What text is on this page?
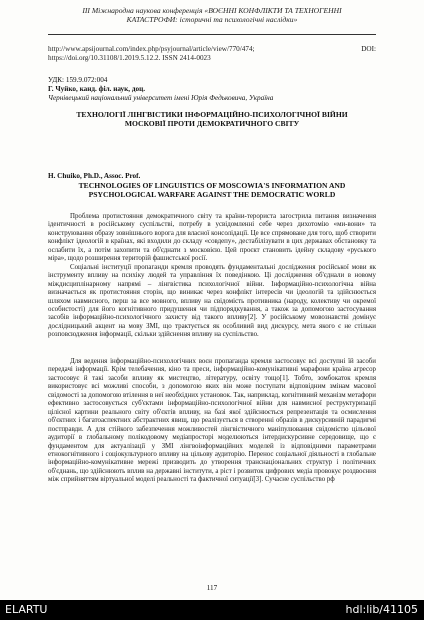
III Міжнародна наукова конференція «ВОЄННІ КОНФЛІКТИ ТА ТЕХНОГЕННІ
КАТАСТРОФИ: історичні та психологічні наслідки»
http://www.apsijournal.com/index.php/psyjournal/article/view/770/474;	DOI:
https://doi.org/10.31108/1.2019.5.12.2. ISSN 2414-0023
УДК: 159.9.072:004
Г. Чуйко, канд. філ. наук, доц.
Чернівецький національний університет імені Юрія Федьковича, Україна
ТЕХНОЛОГІЇ ЛІНГВІСТИКИ ІНФОРМАЦІЙНО-ПСИХОЛОГІЧНОЇ ВІЙНИ
МОСКОВІЇ ПРОТИ ДЕМОКРАТИЧНОГО СВІТУ
H. Chuiko, Ph.D., Assoc. Prof.
TECHNOLOGIES OF LINGUISTICS OF MOSCOWIA'S INFORMATION AND
PSYCHOLOGICAL WARFARE AGAINST THE DEMOCRATIC WORLD

Проблема протистояння демократичного світу та країни-терориста загострила питання визначення ідентичності в російському суспільстві, потребу в усвідомленні себе через дихотомію «ми-вони» та конструювання образу зовнішнього ворога для власної консолідації. Це все спрямоване для того, щоб створити конфлікт ідеологій в країнах, які входили до складу «совдепу», дестабілізувати в цих державах обстановку та ослабити їх, а потім захопити та об'єднати з московією. Цей проєкт становить ідейну складову «руського міра», щодо розширення територій фашистської росії.

Соціальні інституції пропаганди кремля проводять фундаментальні дослідження російської мови як інструменту впливу на психіку людей та управління їх поведінкою. Ці дослідження об'єднали в новому міждисциплінарному напрямі – лінгвістика психологічної війни. Інформаційно-психологічна війна визначається як протистояння сторін, що виникає через конфлікт інтересів чи ідеологій та здійснюється шляхом навмисного, перш за все мовного, впливу на свідомість противника (народу, колективу чи окремої особистості) для його когнітивного придушення чи підпорядкування, а також за допомогою застосування засобів інформаційно-психологічного захисту від такого впливу[2]. У російському мовознавстві домінує дослідницький акцент на мову ЗМІ, що трактується як особливий вид дискурсу, мета якого є не стільки розповсюдження інформації, скільки здійснення впливу на суспільство.

Для ведення інформаційно-психологічних воєн пропаганда кремля застосовує всі доступні їй засоби передачі інформації. Крім телебачення, кіно та преси, інформаційно-комунікативні марафони країна агресор застосовує й такі засоби впливу як мистецтво, літературу, освіту тощо[1]. Тобто, зомбокаток кремля використовує всі можливі способи, з допомогою яких він може поступати відповідним змінам масової свідомості за допомогою втілення в неї необхідних установок. Так, наприклад, когнітивний механізм метафори ефективно застосовується суб'єктами інформаційно-психологічної війни для навмисної реструктуризації цілісної картини реального світу об'єктів впливу, на базі якої здійснюється репрезентація та осмислення об'єктних і багатоаспектних абстрактних явищ, що реалізується в створенні образів в дискурсивній парадигмі постправди. А для стійкого забезпечення можливостей лінгвістичного маніпулювання свідомістю цільової аудиторії в глобальному полікодовому медіапросторі моделюються інтердискурсивне середовище, що є фундаментом для актуалізації у ЗМІ лінгвоінформаційних моделей із відповідними параметрами етнокогнітивного і соціокультурного впливу на цільову аудиторію. Перенос соціальної діяльності в глобальне інформаційно-комунікативне мережі призводить до утворення транснаціональних структур і політичних об'єднань, що здійснюють вплив на державні інститути, а ріст і розвиток цифрових медіа провокує роздвоєння між сприйняттям віртуальної моделі реальності та фактичної ситуації[3]. Сучасне суспільство рф

117
ELARTU	hdl:lib/41105
